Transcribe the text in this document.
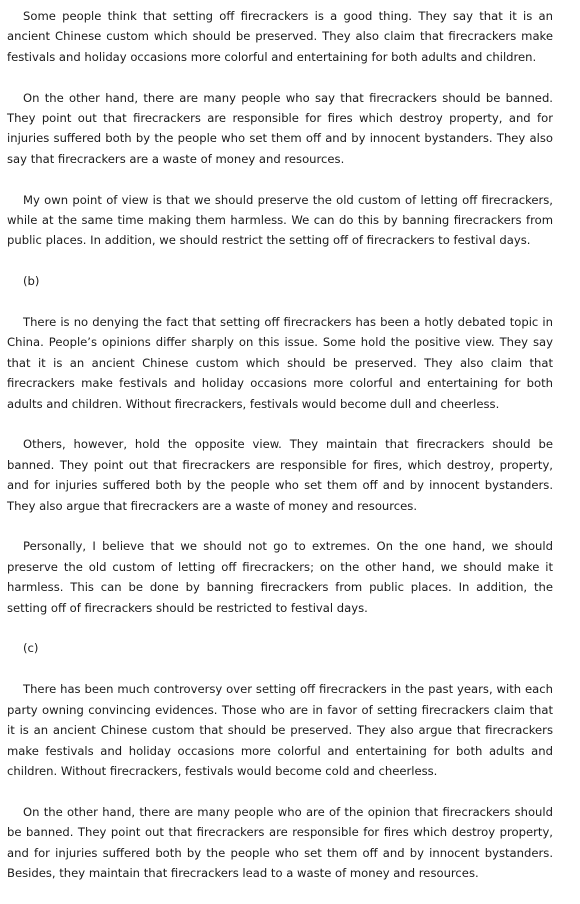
Some people think that setting off firecrackers is a good thing. They say that it is an ancient Chinese custom which should be preserved. They also claim that firecrackers make festivals and holiday occasions more colorful and entertaining for both adults and children.

On the other hand, there are many people who say that firecrackers should be banned. They point out that firecrackers are responsible for fires which destroy property, and for injuries suffered both by the people who set them off and by innocent bystanders. They also say that firecrackers are a waste of money and resources.

My own point of view is that we should preserve the old custom of letting off firecrackers, while at the same time making them harmless. We can do this by banning firecrackers from public places. In addition, we should restrict the setting off of firecrackers to festival days.

(b)

There is no denying the fact that setting off firecrackers has been a hotly debated topic in China. People’s opinions differ sharply on this issue. Some hold the positive view. They say that it is an ancient Chinese custom which should be preserved. They also claim that firecrackers make festivals and holiday occasions more colorful and entertaining for both adults and children. Without firecrackers, festivals would become dull and cheerless.

Others, however, hold the opposite view. They maintain that firecrackers should be banned. They point out that firecrackers are responsible for fires, which destroy, property, and for injuries suffered both by the people who set them off and by innocent bystanders. They also argue that firecrackers are a waste of money and resources.

Personally, I believe that we should not go to extremes. On the one hand, we should preserve the old custom of letting off firecrackers; on the other hand, we should make it harmless. This can be done by banning firecrackers from public places. In addition, the setting off of firecrackers should be restricted to festival days.

(c)

There has been much controversy over setting off firecrackers in the past years, with each party owning convincing evidences. Those who are in favor of setting firecrackers claim that it is an ancient Chinese custom that should be preserved. They also argue that firecrackers make festivals and holiday occasions more colorful and entertaining for both adults and children. Without firecrackers, festivals would become cold and cheerless.

On the other hand, there are many people who are of the opinion that firecrackers should be banned. They point out that firecrackers are responsible for fires which destroy property, and for injuries suffered both by the people who set them off and by innocent bystanders. Besides, they maintain that firecrackers lead to a waste of money and resources.
